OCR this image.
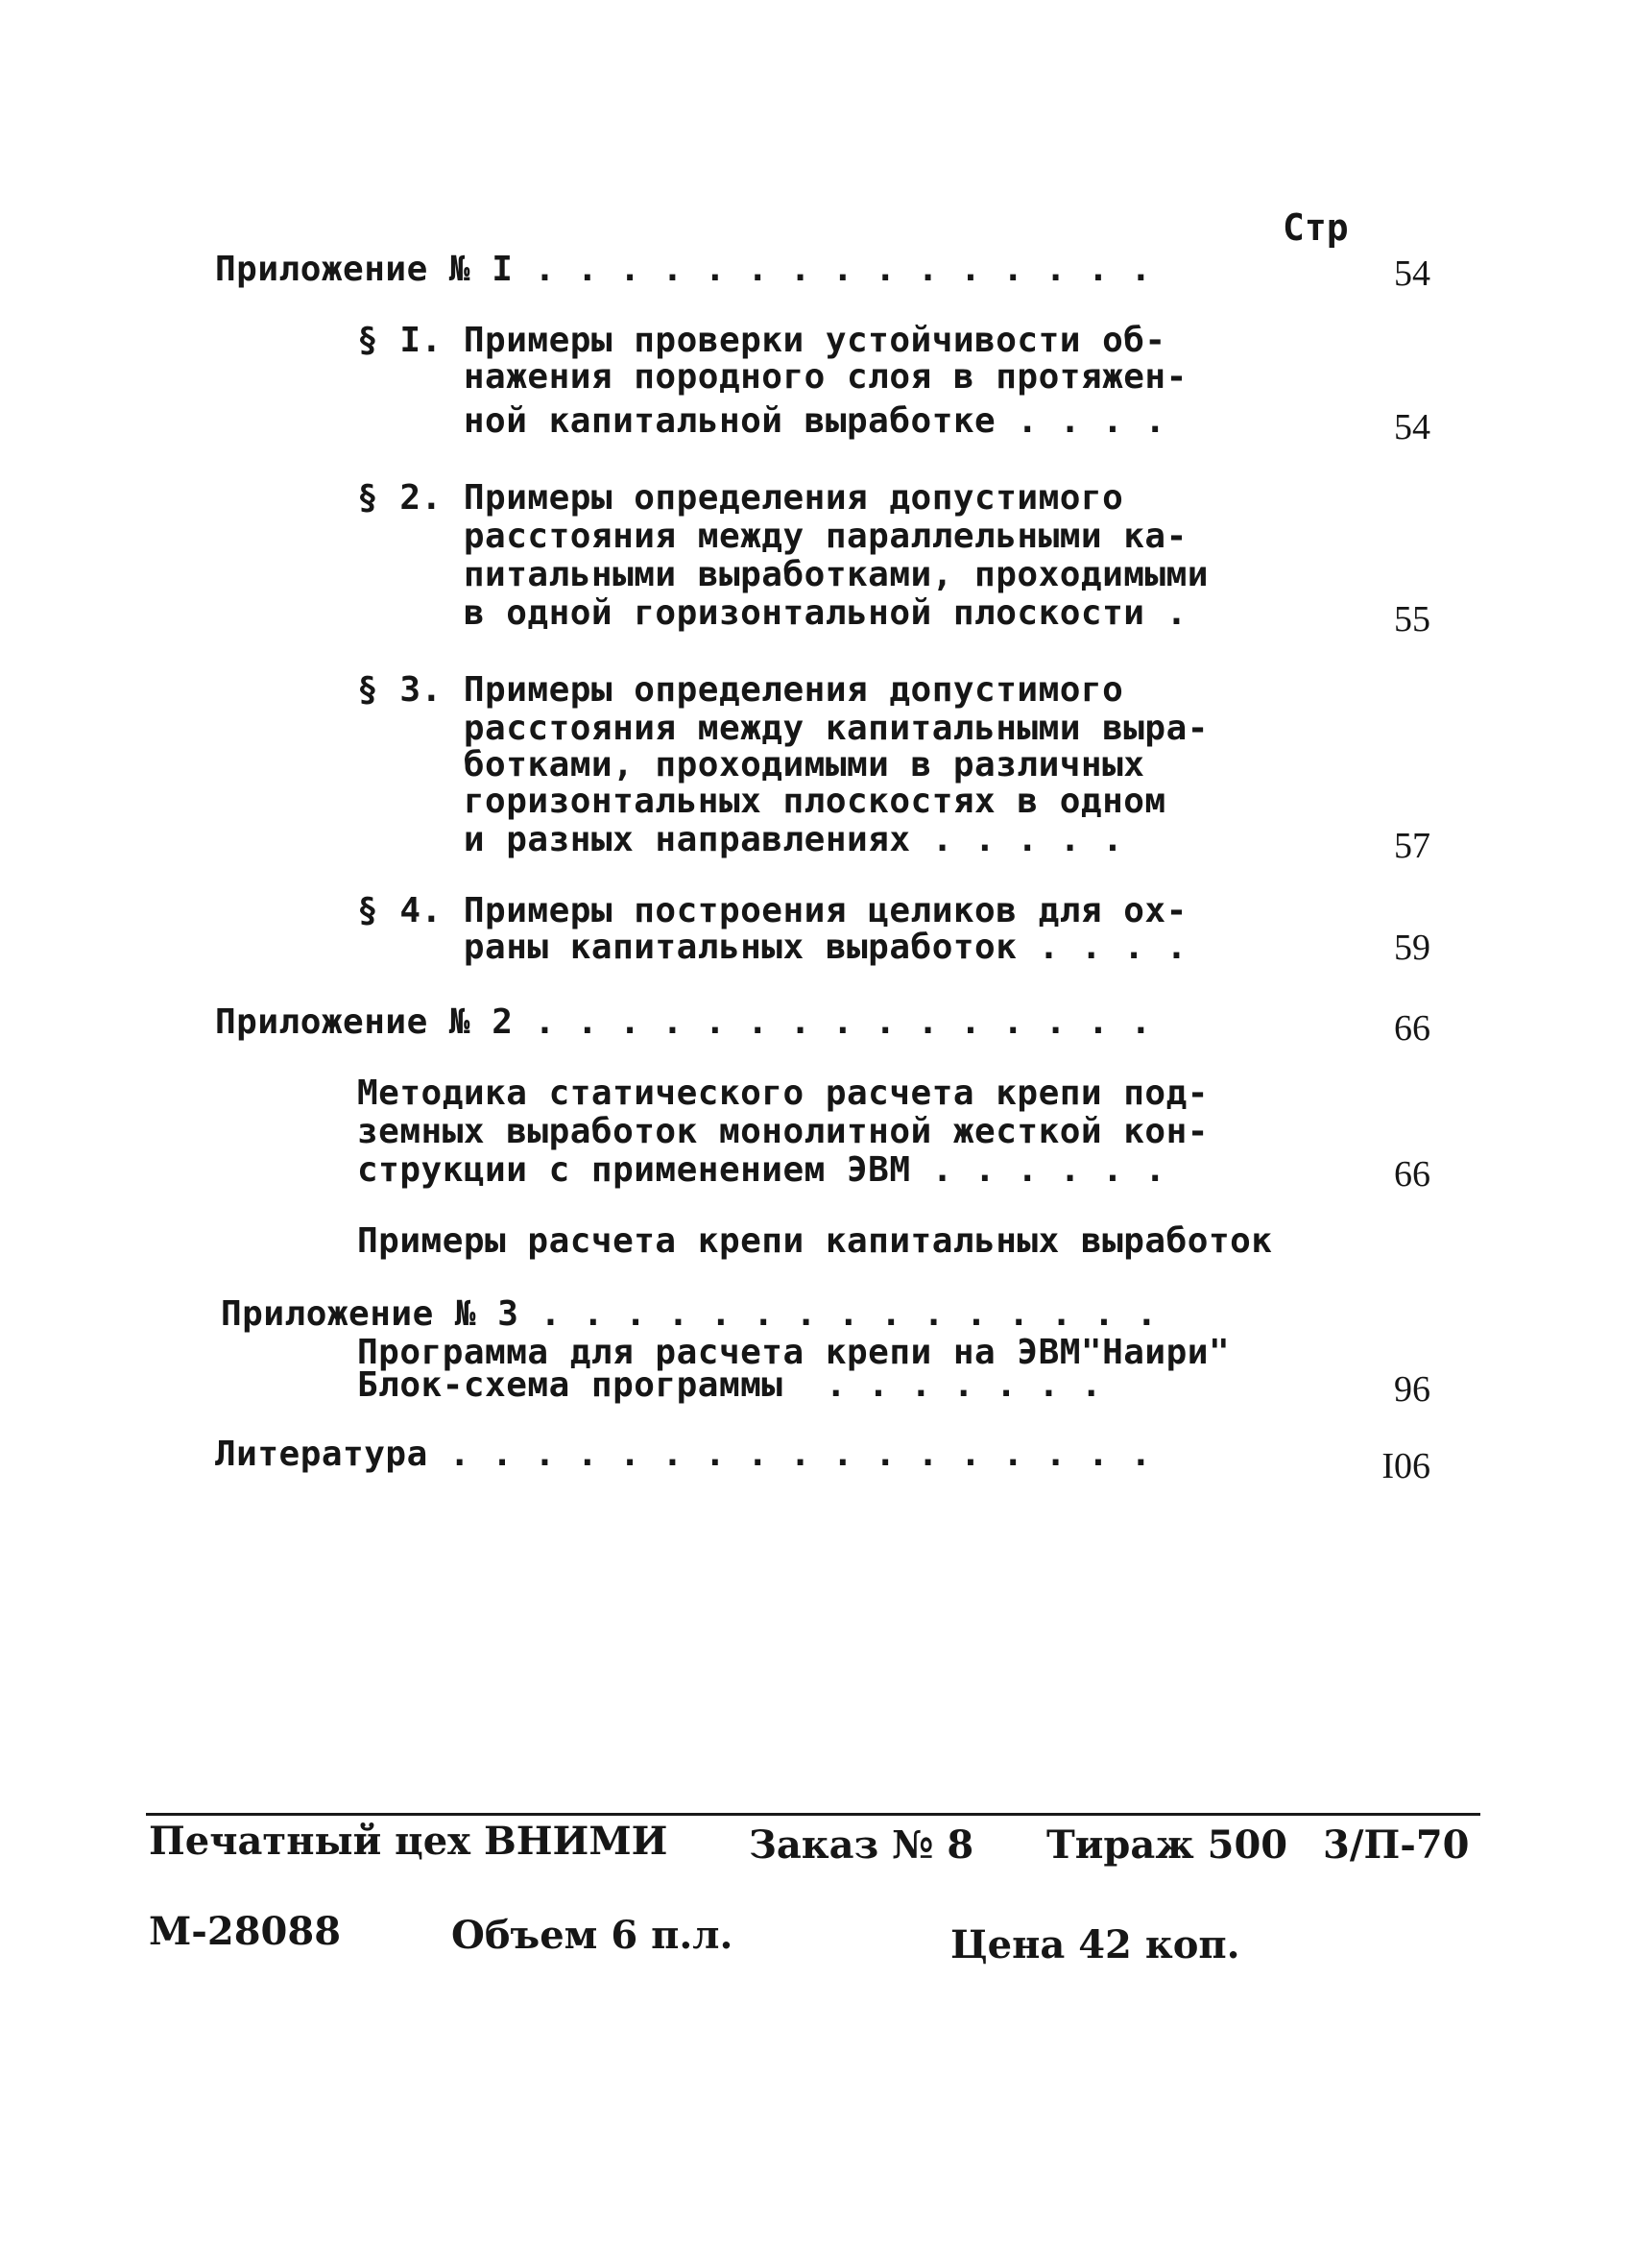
Стр
Приложение № I . . . . . . . . . . . . . . .	54
§ I. Примеры проверки устойчивости об-
нажения породного слоя в протяжен-
ной капитальной выработке . . . .	54
§ 2. Примеры определения допустимого
расстояния между параллельными ка-
питальными выработками, проходимыми
в одной горизонтальной плоскости .	55
§ 3. Примеры определения допустимого
расстояния между капитальными выра-
ботками, проходимыми в различных
горизонтальных плоскостях в одном
и разных направлениях . . . . .	57
§ 4. Примеры построения целиков для ох-
раны капитальных выработок . . . .	59
Приложение № 2 . . . . . . . . . . . . . . .	66
Методика статического расчета крепи под-
земных выработок монолитной жесткой кон-
струкции с применением ЭВМ . . . . . .	66
Примеры расчета крепи капитальных выработок
Приложение № 3 . . . . . . . . . . . . . . .
Программа для расчета крепи на ЭВМ"Наири"
Блок-схема программы  . . . . . . .	96
Литература . . . . . . . . . . . . . . . . .	I06
Печатный цех ВНИМИ Заказ № 8 Тираж 500 3/П-70
М-28088	Объем 6 п.л.	Цена 42 коп.
